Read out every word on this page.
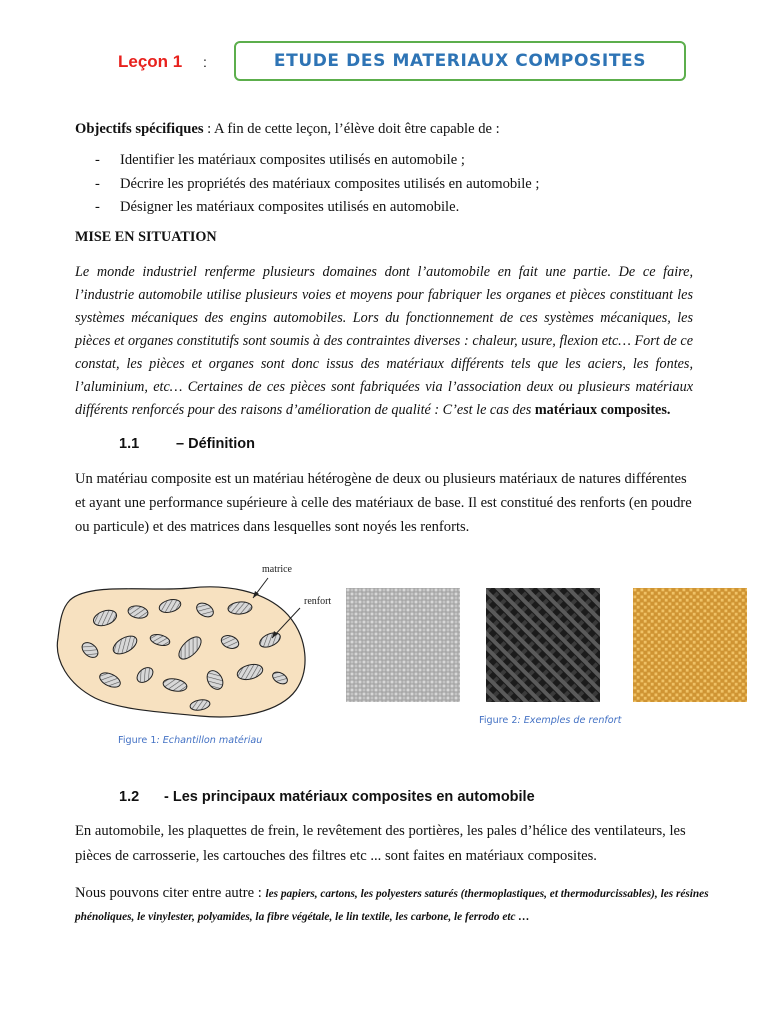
Leçon 1 :	ETUDE DES MATERIAUX COMPOSITES
Objectifs spécifiques : A fin de cette leçon, l’élève doit être capable de :
- Identifier les matériaux composites utilisés en automobile ;
- Décrire les propriétés des matériaux composites utilisés en automobile ;
- Désigner les matériaux composites utilisés en automobile.
MISE EN SITUATION
Le monde industriel renferme plusieurs domaines dont l’automobile en fait une partie. De ce faire, l’industrie automobile utilise plusieurs voies et moyens pour fabriquer les organes et pièces constituant les systèmes mécaniques des engins automobiles. Lors du fonctionnement de ces systèmes mécaniques, les pièces et organes constitutifs sont soumis à des contraintes diverses : chaleur, usure, flexion etc… Fort de ce constat, les pièces et organes sont donc issus des matériaux différents tels que les aciers, les fontes, l’aluminium, etc… Certaines de ces pièces sont fabriquées via l’association deux ou plusieurs matériaux différents renforcés pour des raisons d’amélioration de qualité : C’est le cas des matériaux composites.
1.1	– Définition
Un matériau composite est un matériau hétérogène de deux ou plusieurs matériaux de natures différentes et ayant une performance supérieure à celle des matériaux de base. Il est constitué des renforts (en poudre ou particule) et des matrices dans lesquelles sont noyés les renforts.
matrice
renfort
Figure 1: Echantillon matériau
Figure 2: Exemples de renfort
1.2 - Les principaux matériaux composites en automobile
En automobile, les plaquettes de frein, le revêtement des portières, les pales d’hélice des ventilateurs, les pièces de carrosserie, les cartouches des filtres etc ... sont faites en matériaux composites.
Nous pouvons citer entre autre : les papiers, cartons, les polyesters saturés (thermoplastiques, et thermodurcissables), les résines phénoliques, le vinylester, polyamides, la fibre végétale, le lin textile, les carbone, le ferrodo etc …
